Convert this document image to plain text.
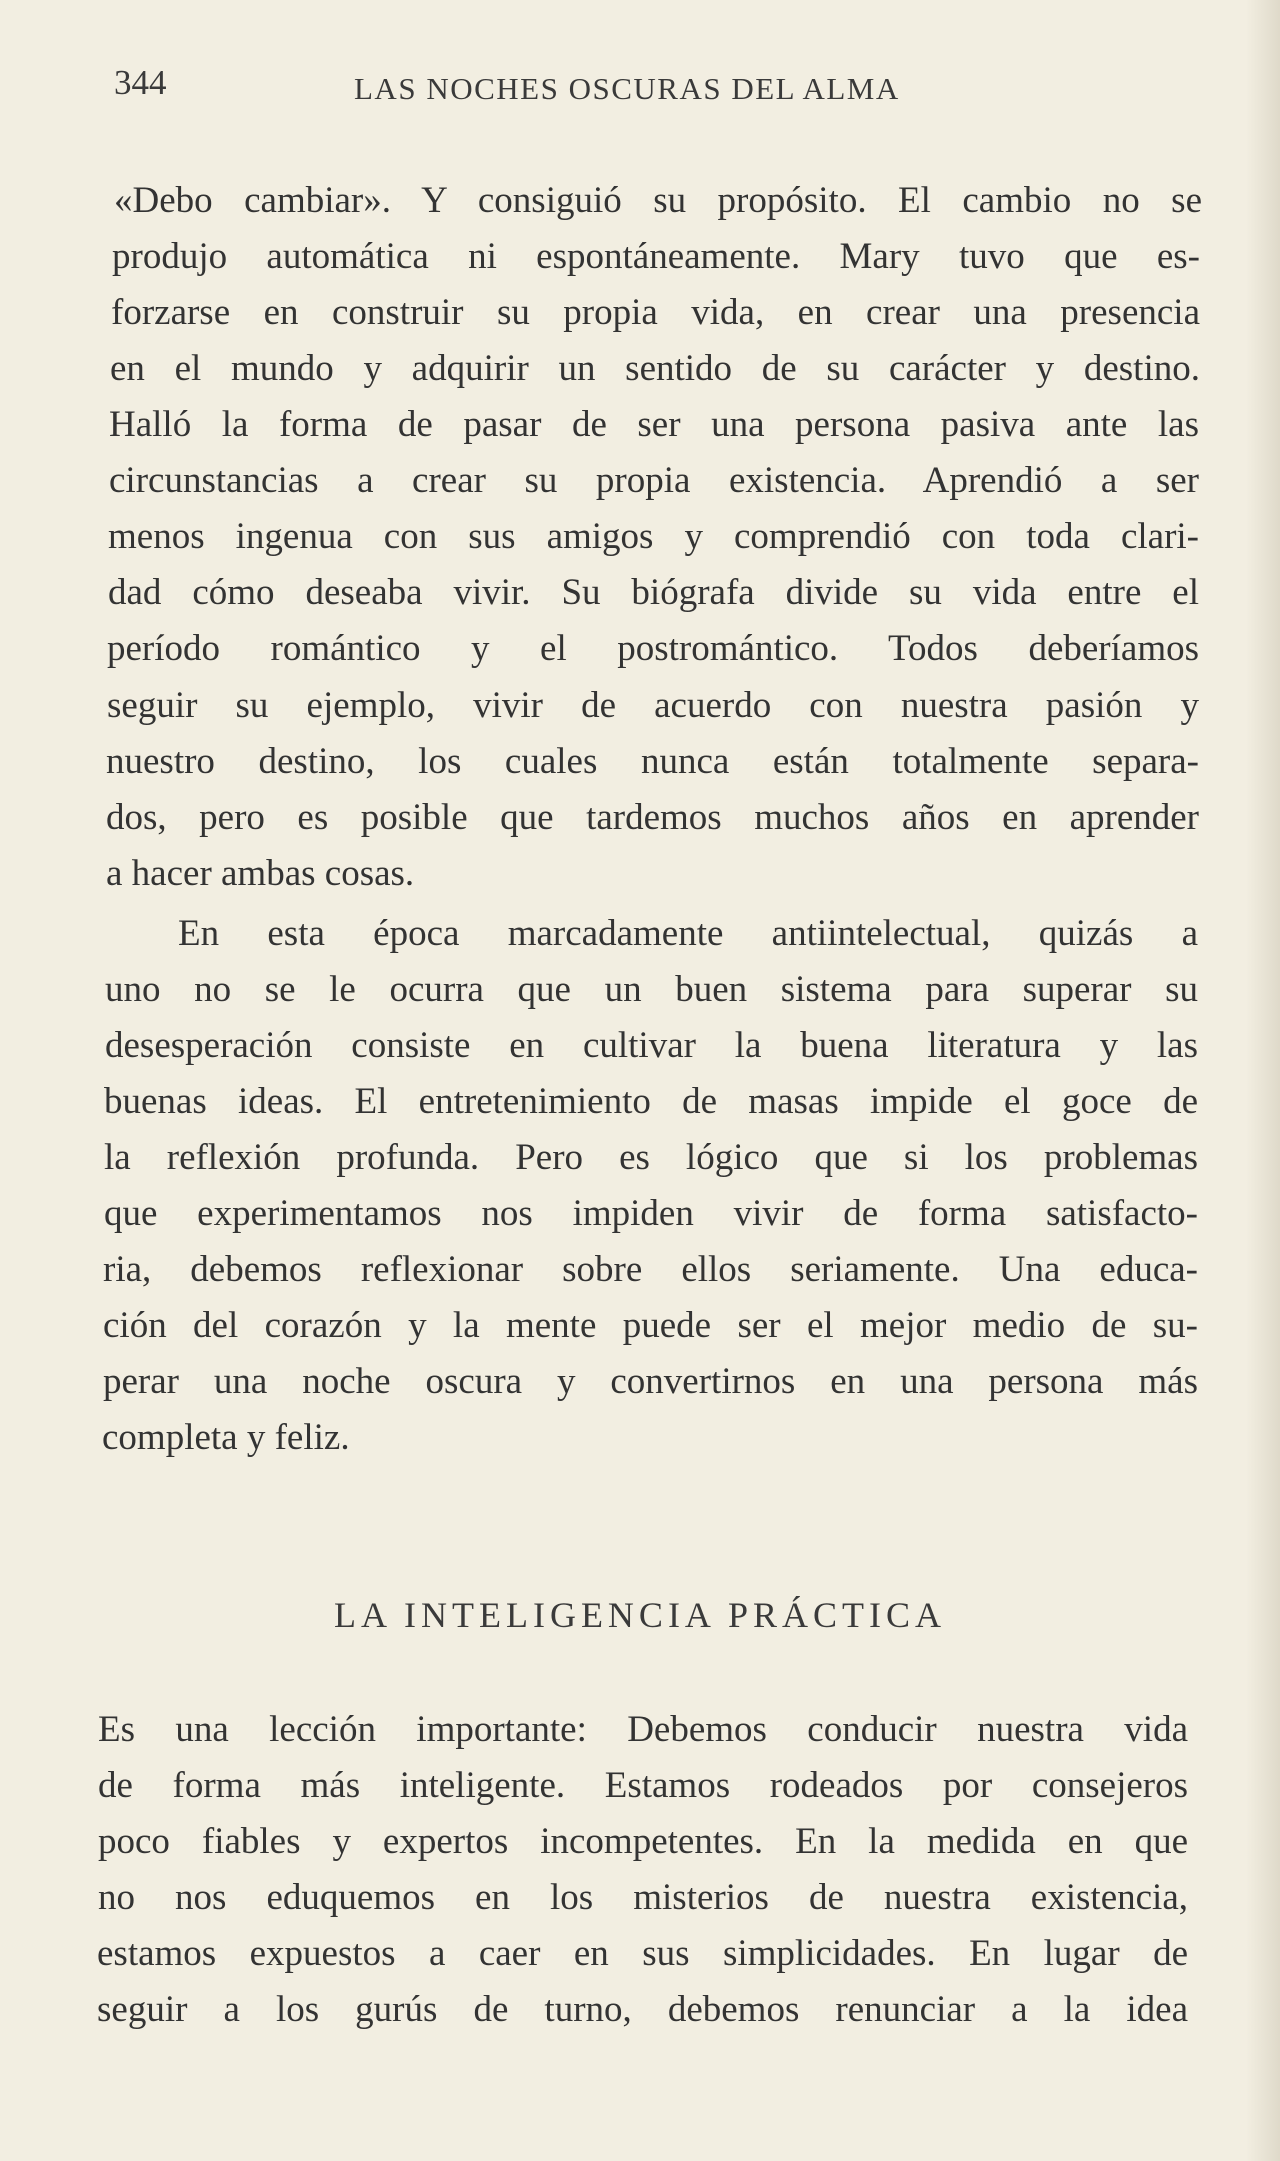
344	LAS NOCHES OSCURAS DEL ALMA
«Debo cambiar». Y consiguió su propósito. El cambio no se
produjo automática ni espontáneamente. Mary tuvo que es-
forzarse en construir su propia vida, en crear una presencia
en el mundo y adquirir un sentido de su carácter y destino.
Halló la forma de pasar de ser una persona pasiva ante las
circunstancias a crear su propia existencia. Aprendió a ser
menos ingenua con sus amigos y comprendió con toda clari-
dad cómo deseaba vivir. Su biógrafa divide su vida entre el
período romántico y el postromántico. Todos deberíamos
seguir su ejemplo, vivir de acuerdo con nuestra pasión y
nuestro destino, los cuales nunca están totalmente separa-
dos, pero es posible que tardemos muchos años en aprender
a hacer ambas cosas.
En esta época marcadamente antiintelectual, quizás a
uno no se le ocurra que un buen sistema para superar su
desesperación consiste en cultivar la buena literatura y las
buenas ideas. El entretenimiento de masas impide el goce de
la reflexión profunda. Pero es lógico que si los problemas
que experimentamos nos impiden vivir de forma satisfacto-
ria, debemos reflexionar sobre ellos seriamente. Una educa-
ción del corazón y la mente puede ser el mejor medio de su-
perar una noche oscura y convertirnos en una persona más
completa y feliz.
LA INTELIGENCIA PRÁCTICA
Es una lección importante: Debemos conducir nuestra vida
de forma más inteligente. Estamos rodeados por consejeros
poco fiables y expertos incompetentes. En la medida en que
no nos eduquemos en los misterios de nuestra existencia,
estamos expuestos a caer en sus simplicidades. En lugar de
seguir a los gurús de turno, debemos renunciar a la idea
